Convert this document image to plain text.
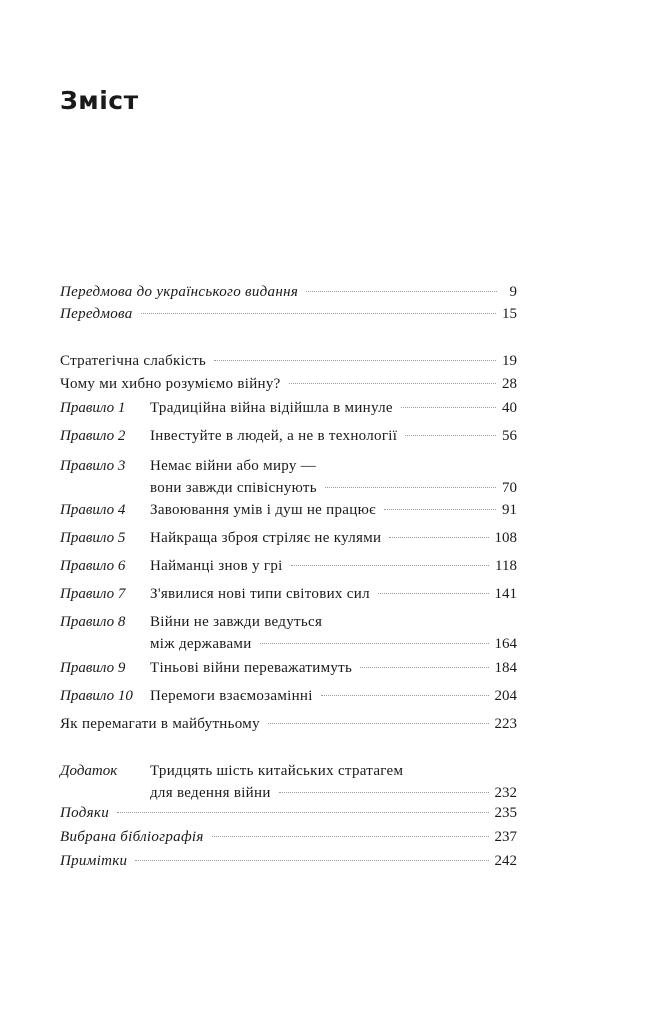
Зміст
Передмова до українського видання	9
Передмова	15
Стратегічна слабкість	19
Чому ми хибно розуміємо війну?	28
Правило 1	Традиційна війна відійшла в минуле	40
Правило 2	Інвестуйте в людей, а не в технології	56
Правило 3	Немає війни або миру —
вони завжди співіснують	70
Правило 4	Завоювання умів і душ не працює	91
Правило 5	Найкраща зброя стріляє не кулями	108
Правило 6	Найманці знов у грі	118
Правило 7	З'явилися нові типи світових сил	141
Правило 8	Війни не завжди ведуться
між державами	164
Правило 9	Тіньові війни переважатимуть	184
Правило 10	Перемоги взаємозамінні	204
Як перемагати в майбутньому	223
Додаток	Тридцять шість китайських стратагем
для ведення війни	232
Подяки	235
Вибрана бібліографія	237
Примітки	242
